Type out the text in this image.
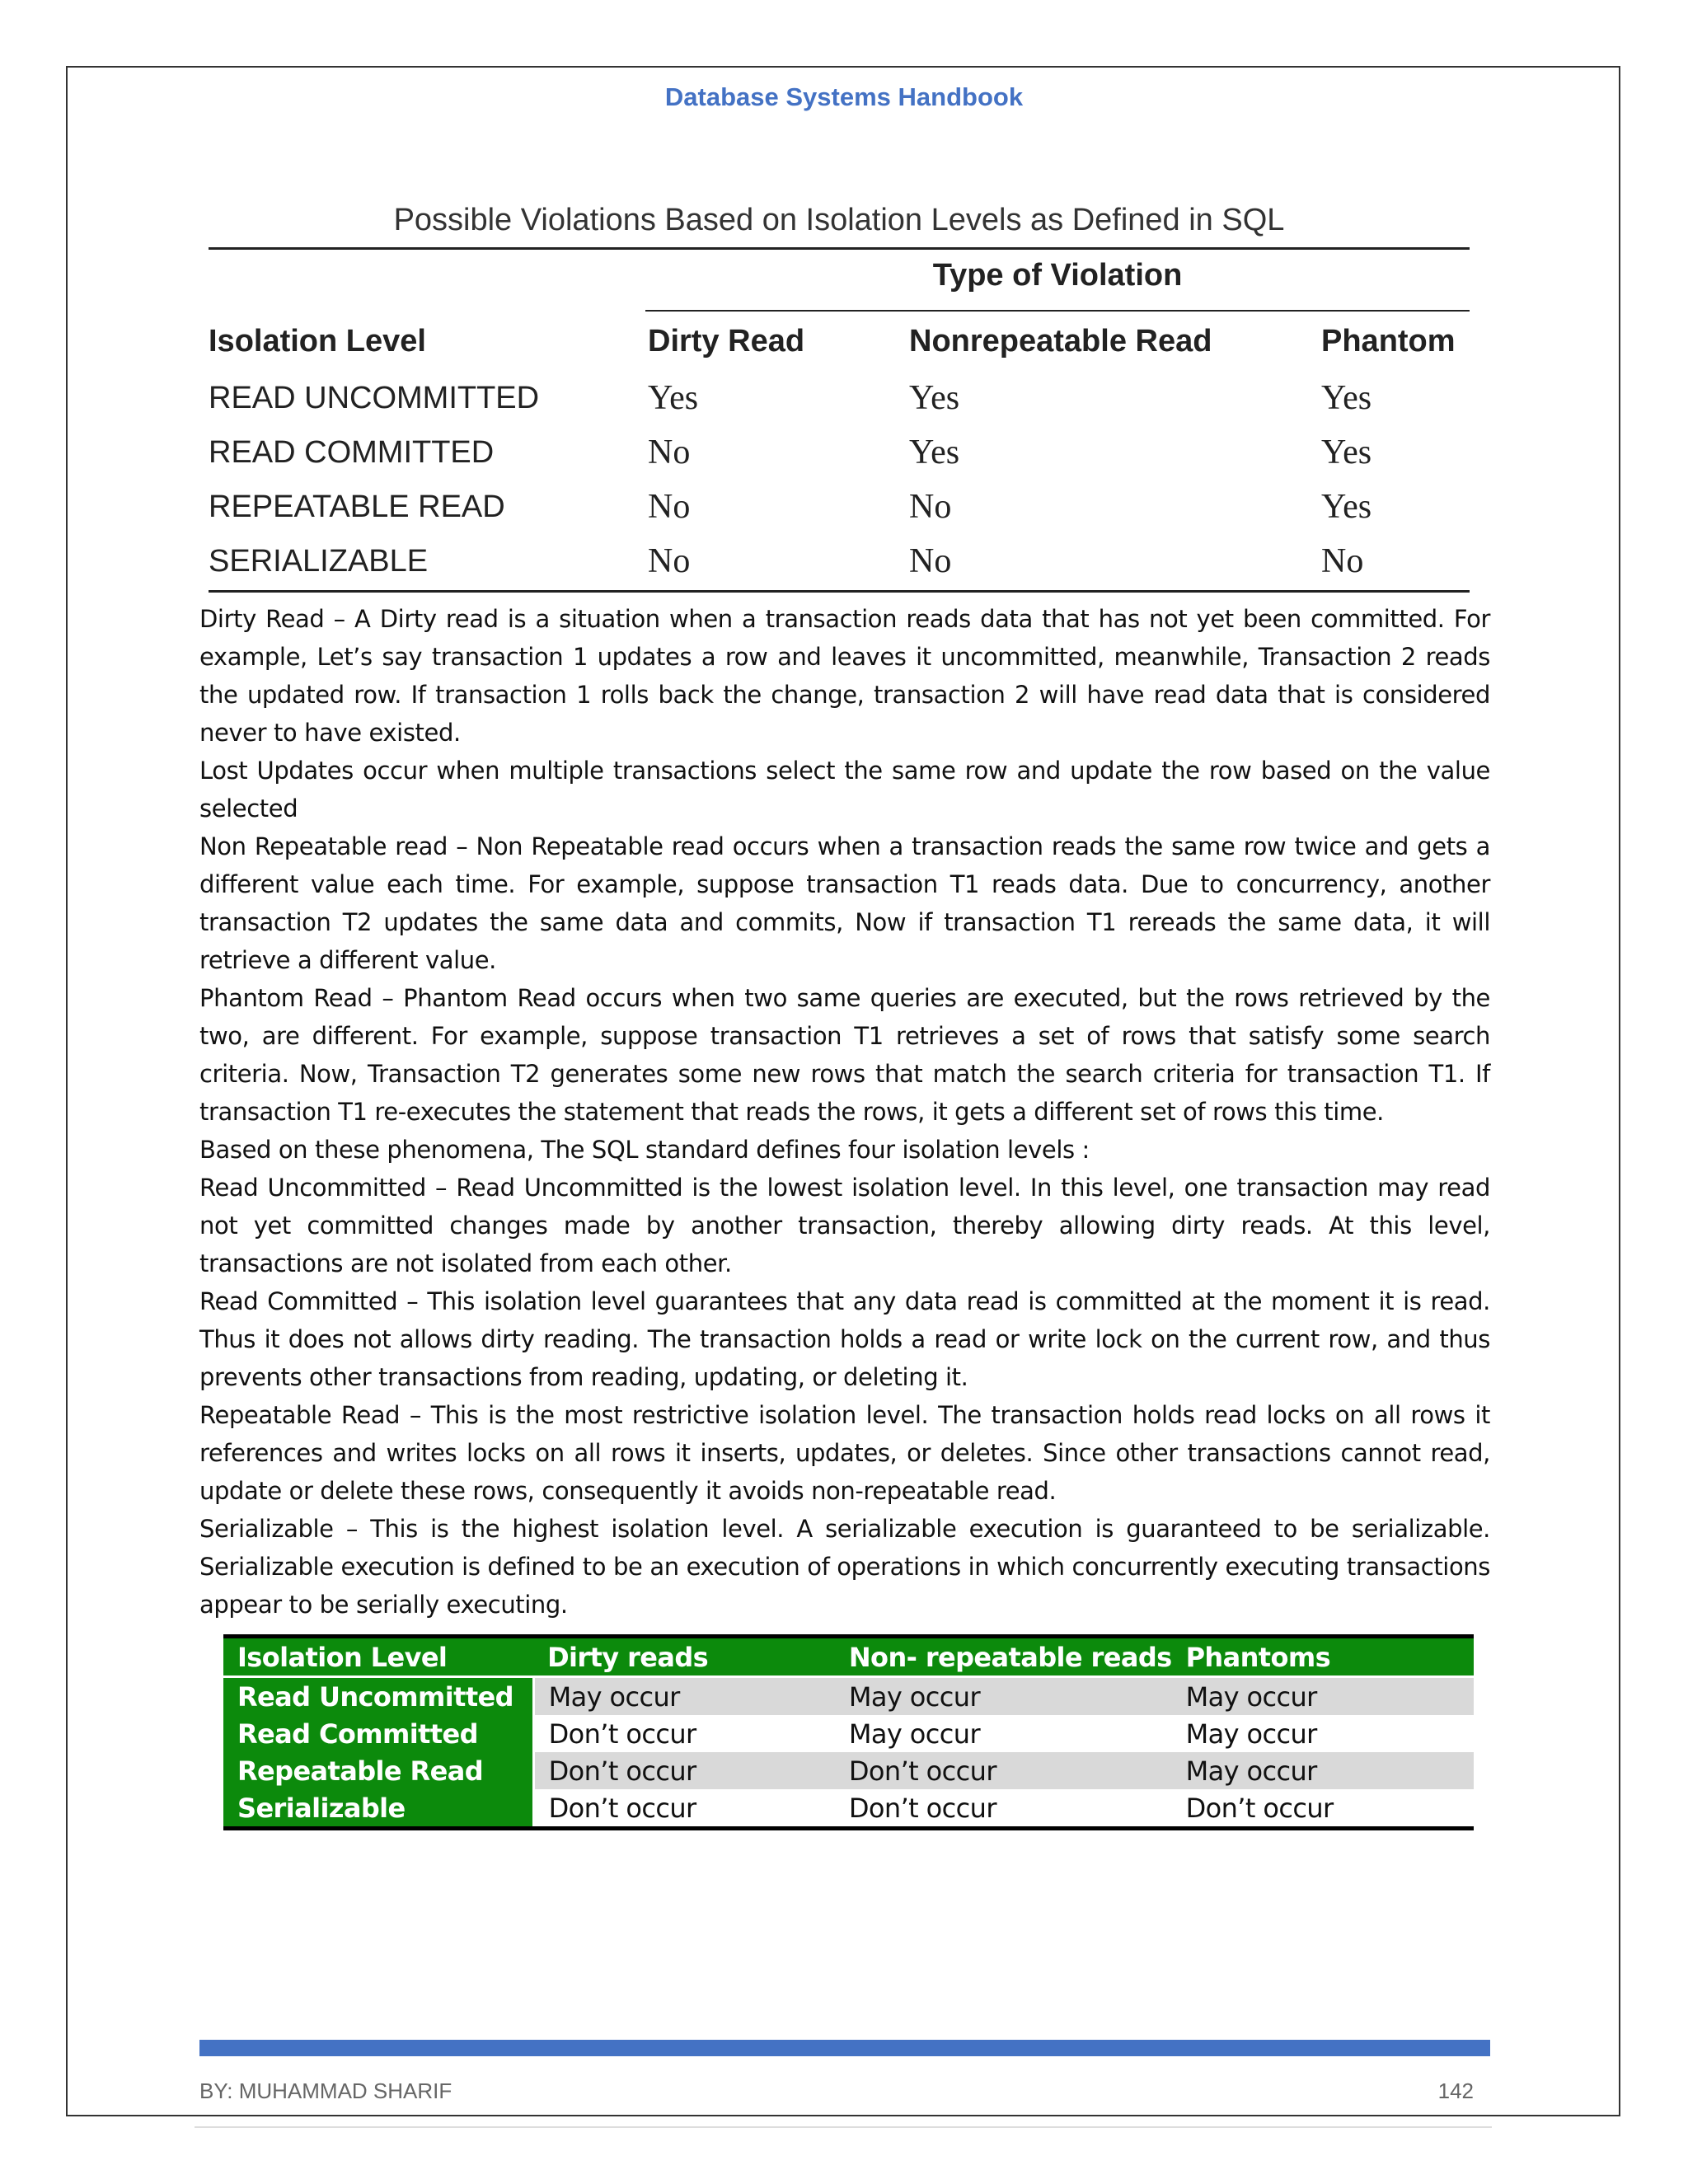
Database Systems Handbook
Possible Violations Based on Isolation Levels as Defined in SQL
Type of Violation
Isolation Level	Dirty Read	Nonrepeatable Read	Phantom
READ UNCOMMITTED	Yes	Yes	Yes
READ COMMITTED	No	Yes	Yes
REPEATABLE READ	No	No	Yes
SERIALIZABLE	No	No	No

Dirty Read – A Dirty read is a situation when a transaction reads data that has not yet been committed. For example, Let’s say transaction 1 updates a row and leaves it uncommitted, meanwhile, Transaction 2 reads the updated row. If transaction 1 rolls back the change, transaction 2 will have read data that is considered never to have existed.

Lost Updates occur when multiple transactions select the same row and update the row based on the value selected

Non Repeatable read – Non Repeatable read occurs when a transaction reads the same row twice and gets a different value each time. For example, suppose transaction T1 reads data. Due to concurrency, another transaction T2 updates the same data and commits, Now if transaction T1 rereads the same data, it will retrieve a different value.

Phantom Read – Phantom Read occurs when two same queries are executed, but the rows retrieved by the two, are different. For example, suppose transaction T1 retrieves a set of rows that satisfy some search criteria. Now, Transaction T2 generates some new rows that match the search criteria for transaction T1. If transaction T1 re-executes the statement that reads the rows, it gets a different set of rows this time.

Based on these phenomena, The SQL standard defines four isolation levels :

Read Uncommitted – Read Uncommitted is the lowest isolation level. In this level, one transaction may read not yet committed changes made by another transaction, thereby allowing dirty reads. At this level, transactions are not isolated from each other.

Read Committed – This isolation level guarantees that any data read is committed at the moment it is read. Thus it does not allows dirty reading. The transaction holds a read or write lock on the current row, and thus prevents other transactions from reading, updating, or deleting it.

Repeatable Read – This is the most restrictive isolation level. The transaction holds read locks on all rows it references and writes locks on all rows it inserts, updates, or deletes. Since other transactions cannot read, update or delete these rows, consequently it avoids non-repeatable read.

Serializable – This is the highest isolation level. A serializable execution is guaranteed to be serializable. Serializable execution is defined to be an execution of operations in which concurrently executing transactions appear to be serially executing.

Isolation Level	Dirty reads	Non- repeatable reads	Phantoms
Read Uncommitted	May occur	May occur	May occur
Read Committed	Don’t occur	May occur	May occur
Repeatable Read	Don’t occur	Don’t occur	May occur
Serializable	Don’t occur	Don’t occur	Don’t occur
BY: MUHAMMAD SHARIF	142
